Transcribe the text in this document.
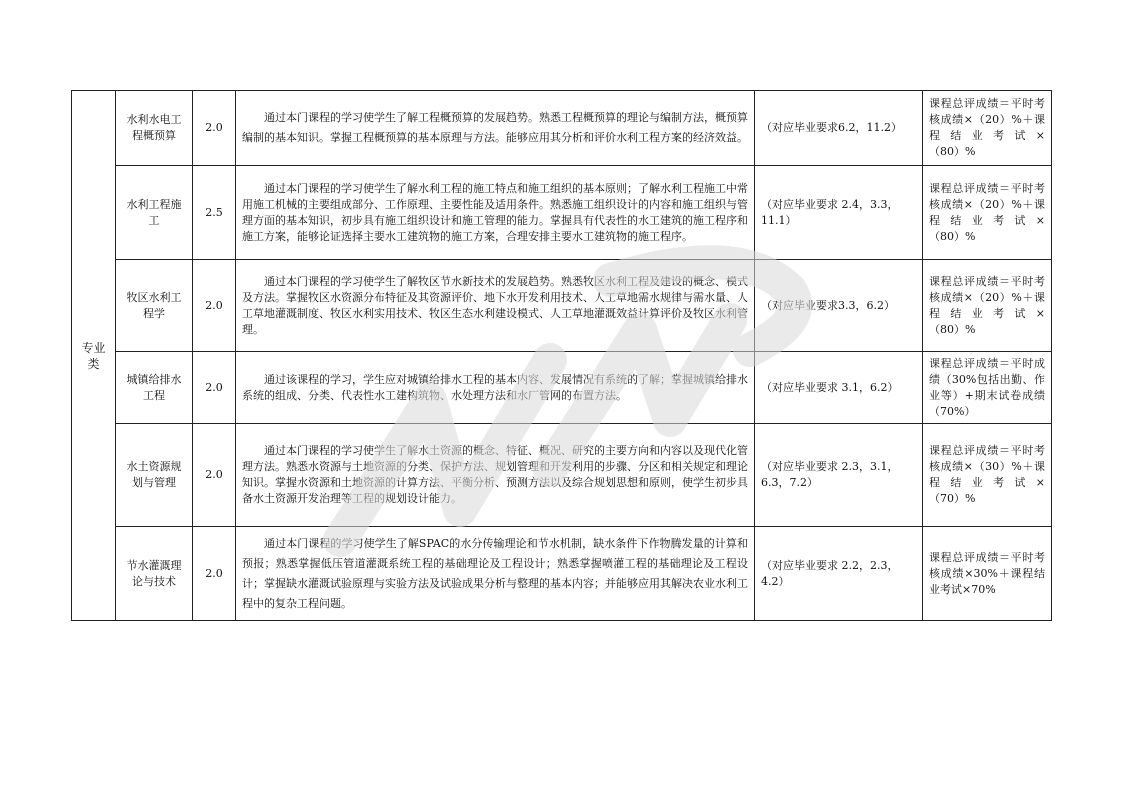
专业类	水利水电工程概预算	2.0	通过本门课程的学习使学生了解工程概预算的发展趋势。熟悉工程概预算的理论与编制方法，概预算编制的基本知识。掌握工程概预算的基本原理与方法。能够应用其分析和评价水利工程方案的经济效益。	（对应毕业要求6.2，11.2）	课程总评成绩＝平时考核成绩×（20）%＋课 程 结 业 考 试 ×（80）%
	水利工程施工	2.5	通过本门课程的学习使学生了解水利工程的施工特点和施工组织的基本原则；了解水利工程施工中常用施工机械的主要组成部分、工作原理、主要性能及适用条件。熟悉施工组织设计的内容和施工组织与管理方面的基本知识，初步具有施工组织设计和施工管理的能力。掌握具有代表性的水工建筑的施工程序和施工方案，能够论证选择主要水工建筑物的施工方案，合理安排主要水工建筑物的施工程序。	（对应毕业要求 2.4，3.3，11.1）	课程总评成绩＝平时考核成绩×（20）%＋课 程 结 业 考 试 ×（80）%
	牧区水利工程学	2.0	通过本门课程的学习使学生了解牧区节水新技术的发展趋势。熟悉牧区水利工程及建设的概念、模式及方法。掌握牧区水资源分布特征及其资源评价、地下水开发利用技术、人工草地需水规律与需水量、人工草地灌溉制度、牧区水利实用技术、牧区生态水利建设模式、人工草地灌溉效益计算评价及牧区水利管理。	（对应毕业要求3.3，6.2）	课程总评成绩＝平时考核成绩×（20）%＋课 程 结 业 考 试 ×（80）%
	城镇给排水工程	2.0	通过该课程的学习，学生应对城镇给排水工程的基本内容、发展情况有系统的了解；掌握城镇给排水系统的组成、分类、代表性水工建构筑物、水处理方法和水厂管网的布置方法。	（对应毕业要求 3.1，6.2）	课程总评成绩＝平时成绩（30%包括出勤、作业等）+期末试卷成绩（70%）
	水土资源规划与管理	2.0	通过本门课程的学习使学生了解水土资源的概念、特征、概况、研究的主要方向和内容以及现代化管理方法。熟悉水资源与土地资源的分类、保护方法、规划管理和开发利用的步骤、分区和相关规定和理论知识。掌握水资源和土地资源的计算方法、平衡分析、预测方法以及综合规划思想和原则，使学生初步具备水土资源开发治理等工程的规划设计能力。	（对应毕业要求 2.3，3.1，6.3，7.2）	课程总评成绩＝平时考核成绩×（30）%＋课 程 结 业 考 试 ×（70）%
	节水灌溉理论与技术	2.0	通过本门课程的学习使学生了解SPAC的水分传输理论和节水机制，缺水条件下作物腾发量的计算和预报；熟悉掌握低压管道灌溉系统工程的基础理论及工程设计；熟悉掌握喷灌工程的基础理论及工程设计；掌握缺水灌溉试验原理与实验方法及试验成果分析与整理的基本内容；并能够应用其解决农业水利工程中的复杂工程问题。	（对应毕业要求 2.2，2.3，4.2）	课程总评成绩＝平时考核成绩×30%＋课程结业考试×70%
